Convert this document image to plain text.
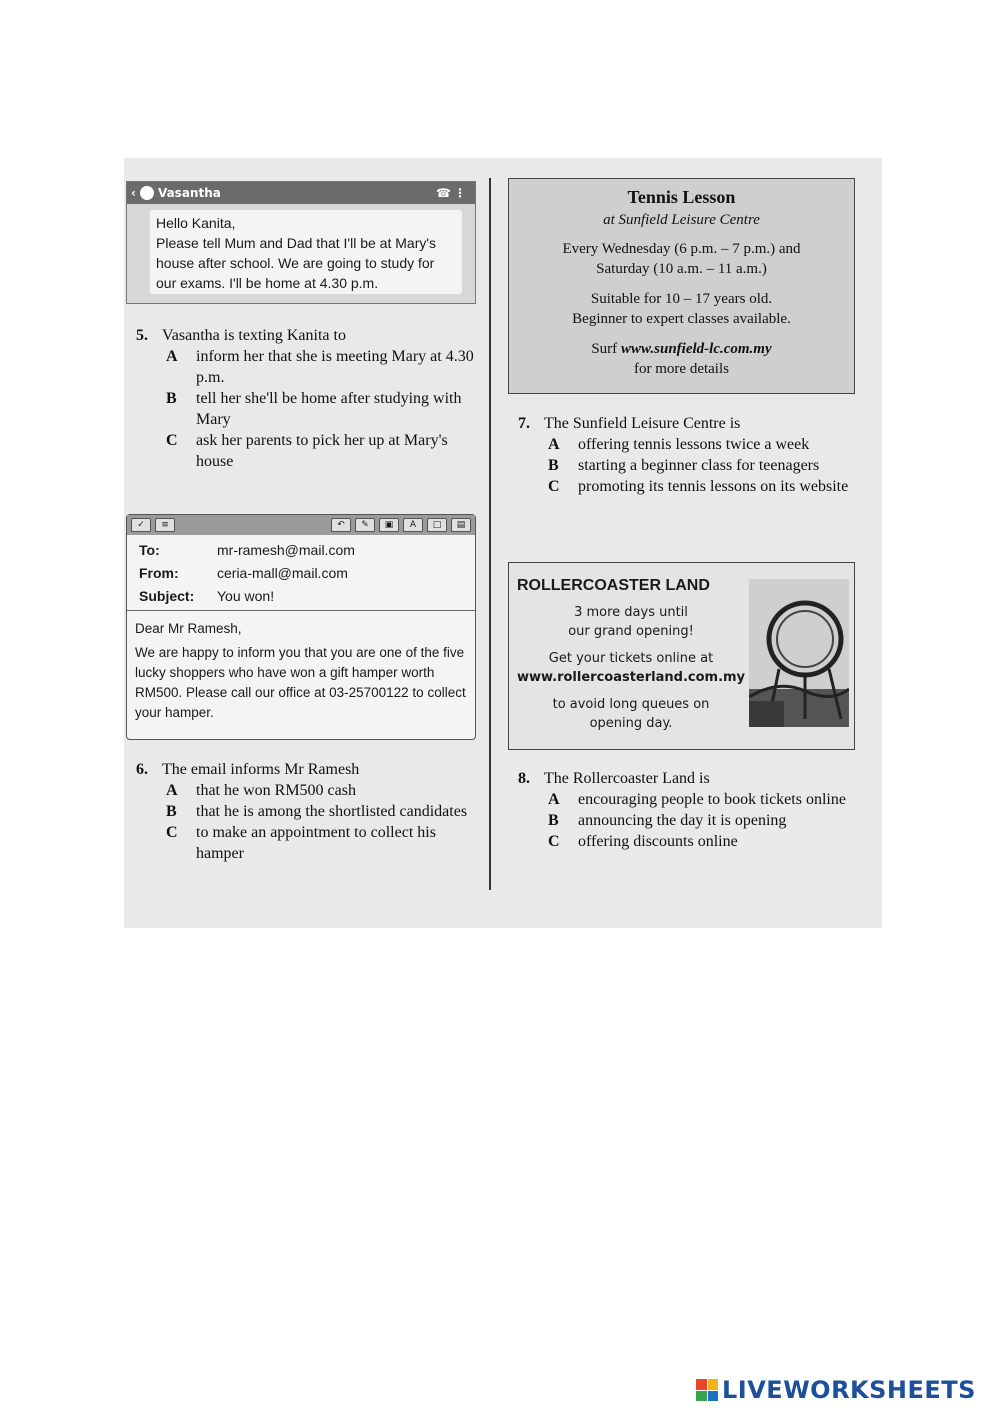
‹ Vasantha	☎⋮
Hello Kanita,
Please tell Mum and Dad that I'll be at Mary's house after school. We are going to study for our exams. I'll be home at 4.30 p.m.
5. Vasantha is texting Kanita to
A inform her that she is meeting Mary at 4.30 p.m.
B tell her she'll be home after studying with Mary
C ask her parents to pick her up at Mary's house
✓	≡	↶	✎	▣	A	□	▤
To:	mr-ramesh@mail.com
From:	ceria-mall@mail.com
Subject:	You won!
Dear Mr Ramesh,
We are happy to inform you that you are one of the five lucky shoppers who have won a gift hamper worth RM500. Please call our office at 03-25700122 to collect your hamper.
6. The email informs Mr Ramesh
A that he won RM500 cash
B that he is among the shortlisted candidates
C to make an appointment to collect his hamper
Tennis Lesson
at Sunfield Leisure Centre
Every Wednesday (6 p.m. – 7 p.m.) and
Saturday (10 a.m. – 11 a.m.)
Suitable for 10 – 17 years old.
Beginner to expert classes available.
Surf www.sunfield-lc.com.my
for more details
7. The Sunfield Leisure Centre is
A offering tennis lessons twice a week
B starting a beginner class for teenagers
C promoting its tennis lessons on its website
ROLLERCOASTER LAND
3 more days until
our grand opening!
Get your tickets online at
www.rollercoasterland.com.my
to avoid long queues on
opening day.
8. The Rollercoaster Land is
A encouraging people to book tickets online
B announcing the day it is opening
C offering discounts online
LIVEWORKSHEETS
